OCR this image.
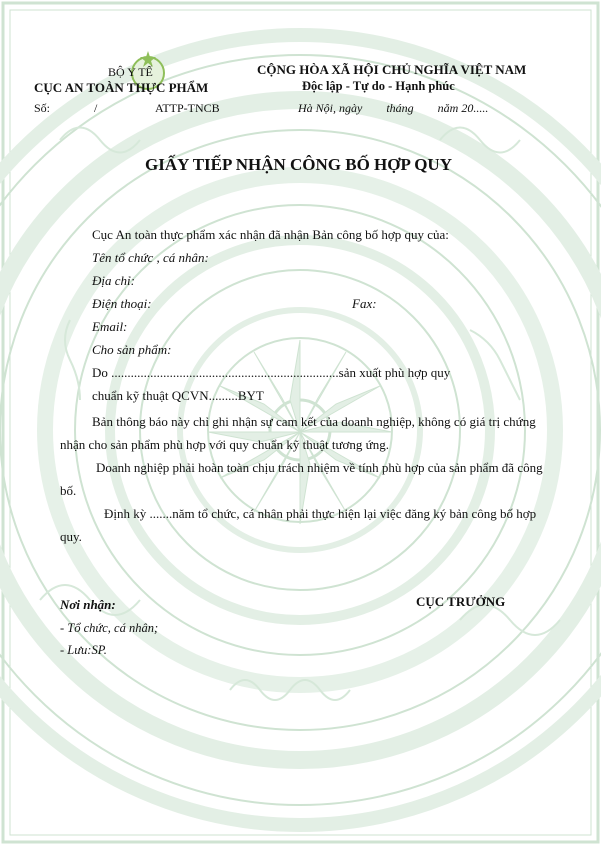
BỘ Y TẾ
CỤC AN TOÀN THỰC PHẨM
Số:	/	ATTP-TNCB
CỘNG HÒA XÃ HỘI CHỦ NGHĨA VIỆT NAM
Độc lập - Tự do - Hạnh phúc
Hà Nội, ngày        tháng        năm 20.....
GIẤY TIẾP NHẬN CÔNG BỐ HỢP QUY
Cục An toàn thực phẩm xác nhận đã nhận Bản công bố hợp quy của:
Tên tổ chức , cá nhân:
Địa chỉ:
Điện thoại:	Fax:
Email:
Cho sản phẩm:
Do ......................................................................sản xuất phù hợp quy
chuẩn kỹ thuật QCVN.........BYT
Bản thông báo này chỉ ghi nhận sự cam kết của doanh nghiệp, không có giá trị chứng nhận cho sản phẩm phù hợp với quy chuẩn kỹ thuật tương ứng.
Doanh nghiệp phải hoàn toàn chịu trách nhiệm về tính phù hợp của sản phẩm đã công bố.
Định kỳ .......năm tổ chức, cá nhân phải thực hiện lại việc đăng ký bản công bố hợp quy.
Nơi nhận:
- Tổ chức, cá nhân;
- Lưu:SP.
CỤC TRƯỞNG
